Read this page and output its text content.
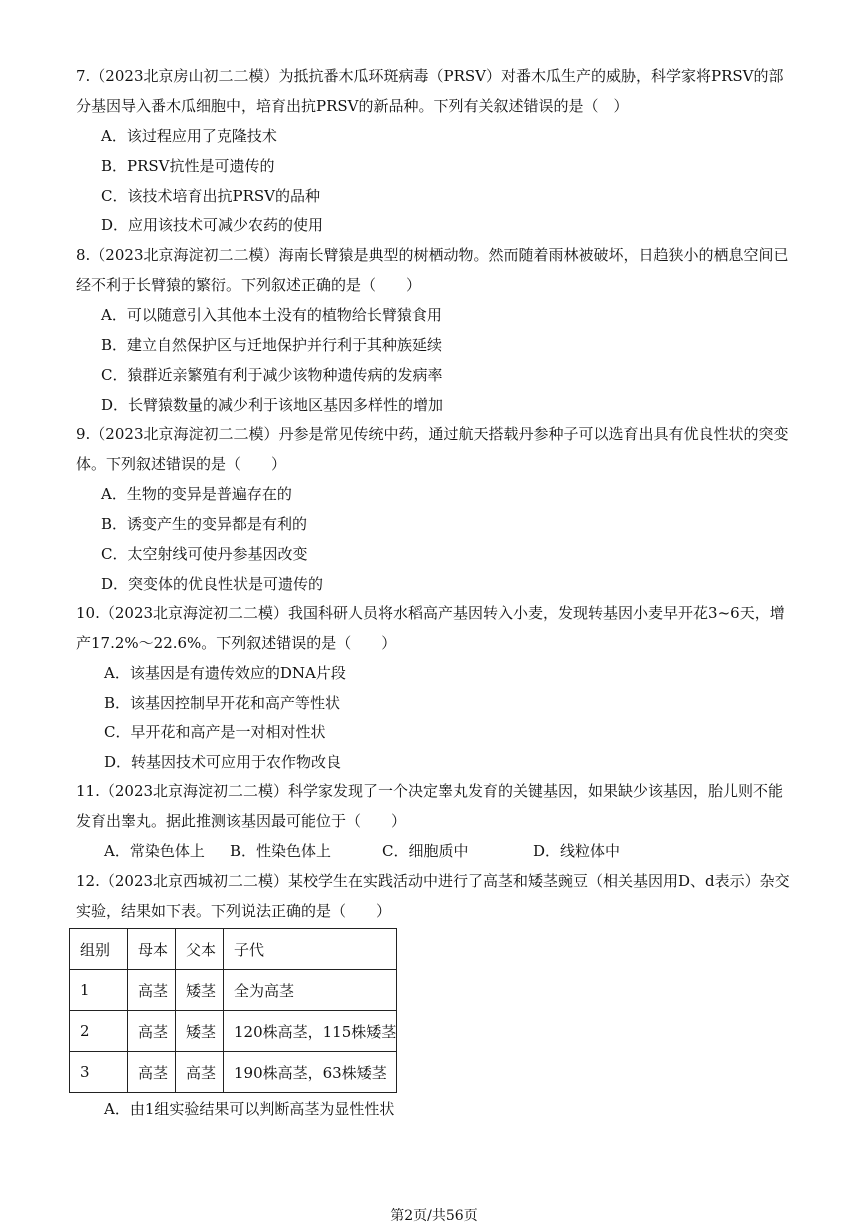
7.（2023北京房山初二二模）为抵抗番木瓜环斑病毒（PRSV）对番木瓜生产的威胁，科学家将PRSV的部分基因导入番木瓜细胞中，培育出抗PRSV的新品种。下列有关叙述错误的是（　）

A．该过程应用了克隆技术

B．PRSV抗性是可遗传的

C．该技术培育出抗PRSV的品种

D．应用该技术可减少农药的使用

8.（2023北京海淀初二二模）海南长臂猿是典型的树栖动物。然而随着雨林被破坏，日趋狭小的栖息空间已经不利于长臂猿的繁衍。下列叙述正确的是（　　）

A．可以随意引入其他本土没有的植物给长臂猿食用

B．建立自然保护区与迁地保护并行利于其种族延续

C．猿群近亲繁殖有利于减少该物种遗传病的发病率

D．长臂猿数量的减少利于该地区基因多样性的增加

9.（2023北京海淀初二二模）丹参是常见传统中药，通过航天搭载丹参种子可以选育出具有优良性状的突变体。下列叙述错误的是（　　）

A．生物的变异是普遍存在的

B．诱变产生的变异都是有利的

C．太空射线可使丹参基因改变

D．突变体的优良性状是可遗传的

10.（2023北京海淀初二二模）我国科研人员将水稻高产基因转入小麦，发现转基因小麦早开花3~6天，增产17.2%～22.6%。下列叙述错误的是（　　）

A．该基因是有遗传效应的DNA片段

B．该基因控制早开花和高产等性状

C．早开花和高产是一对相对性状

D．转基因技术可应用于农作物改良

11.（2023北京海淀初二二模）科学家发现了一个决定睾丸发育的关键基因，如果缺少该基因，胎儿则不能发育出睾丸。据此推测该基因最可能位于（　　）

A．常染色体上 B．性染色体上	C．细胞质中	D．线粒体中

12.（2023北京西城初二二模）某校学生在实践活动中进行了高茎和矮茎豌豆（相关基因用D、d表示）杂交实验，结果如下表。下列说法正确的是（　　）

组别	母本	父本	子代
1	高茎	矮茎	全为高茎
2	高茎	矮茎	120株高茎，115株矮茎
3	高茎	高茎	190株高茎，63株矮茎

A．由1组实验结果可以判断高茎为显性性状

第2页/共56页
